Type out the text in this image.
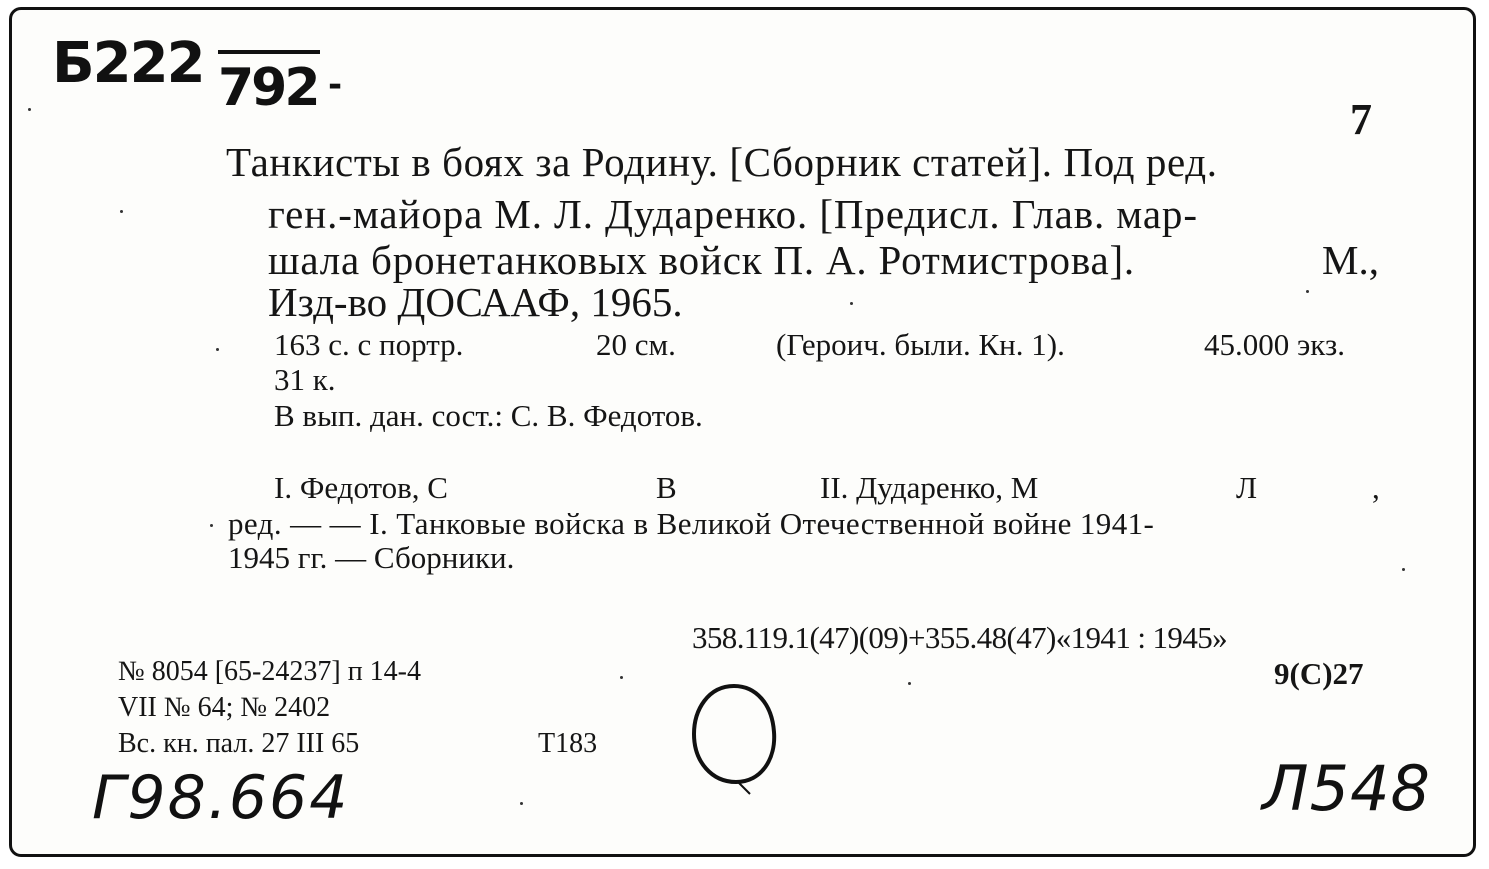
Б222 792 -
7
Танкисты в боях за Родину. [Сборник статей]. Под ред.
ген.-майора М. Л. Дударенко. [Предисл. Глав. мар-
шала бронетанковых войск П. А. Ротмистрова].	М.,
Изд-во ДОСААФ, 1965.
163 с. с портр.	20 см.	(Героич. были. Кн. 1).	45.000 экз.
31 к.
В вып. дан. сост.: С. В. Федотов.
I. Федотов, С	В	II. Дударенко, М	Л	,
ред. — — I. Танковые войска в Великой Отечественной войне 1941-
1945 гг. — Сборники.
358.119.1(47)(09)+355.48(47)«1941 : 1945»
9(С)27
№ 8054 [65-24237] п 14-4
VII № 64; № 2402
Вс. кн. пал. 27 III 65	Т183
Г98.664	Л548
